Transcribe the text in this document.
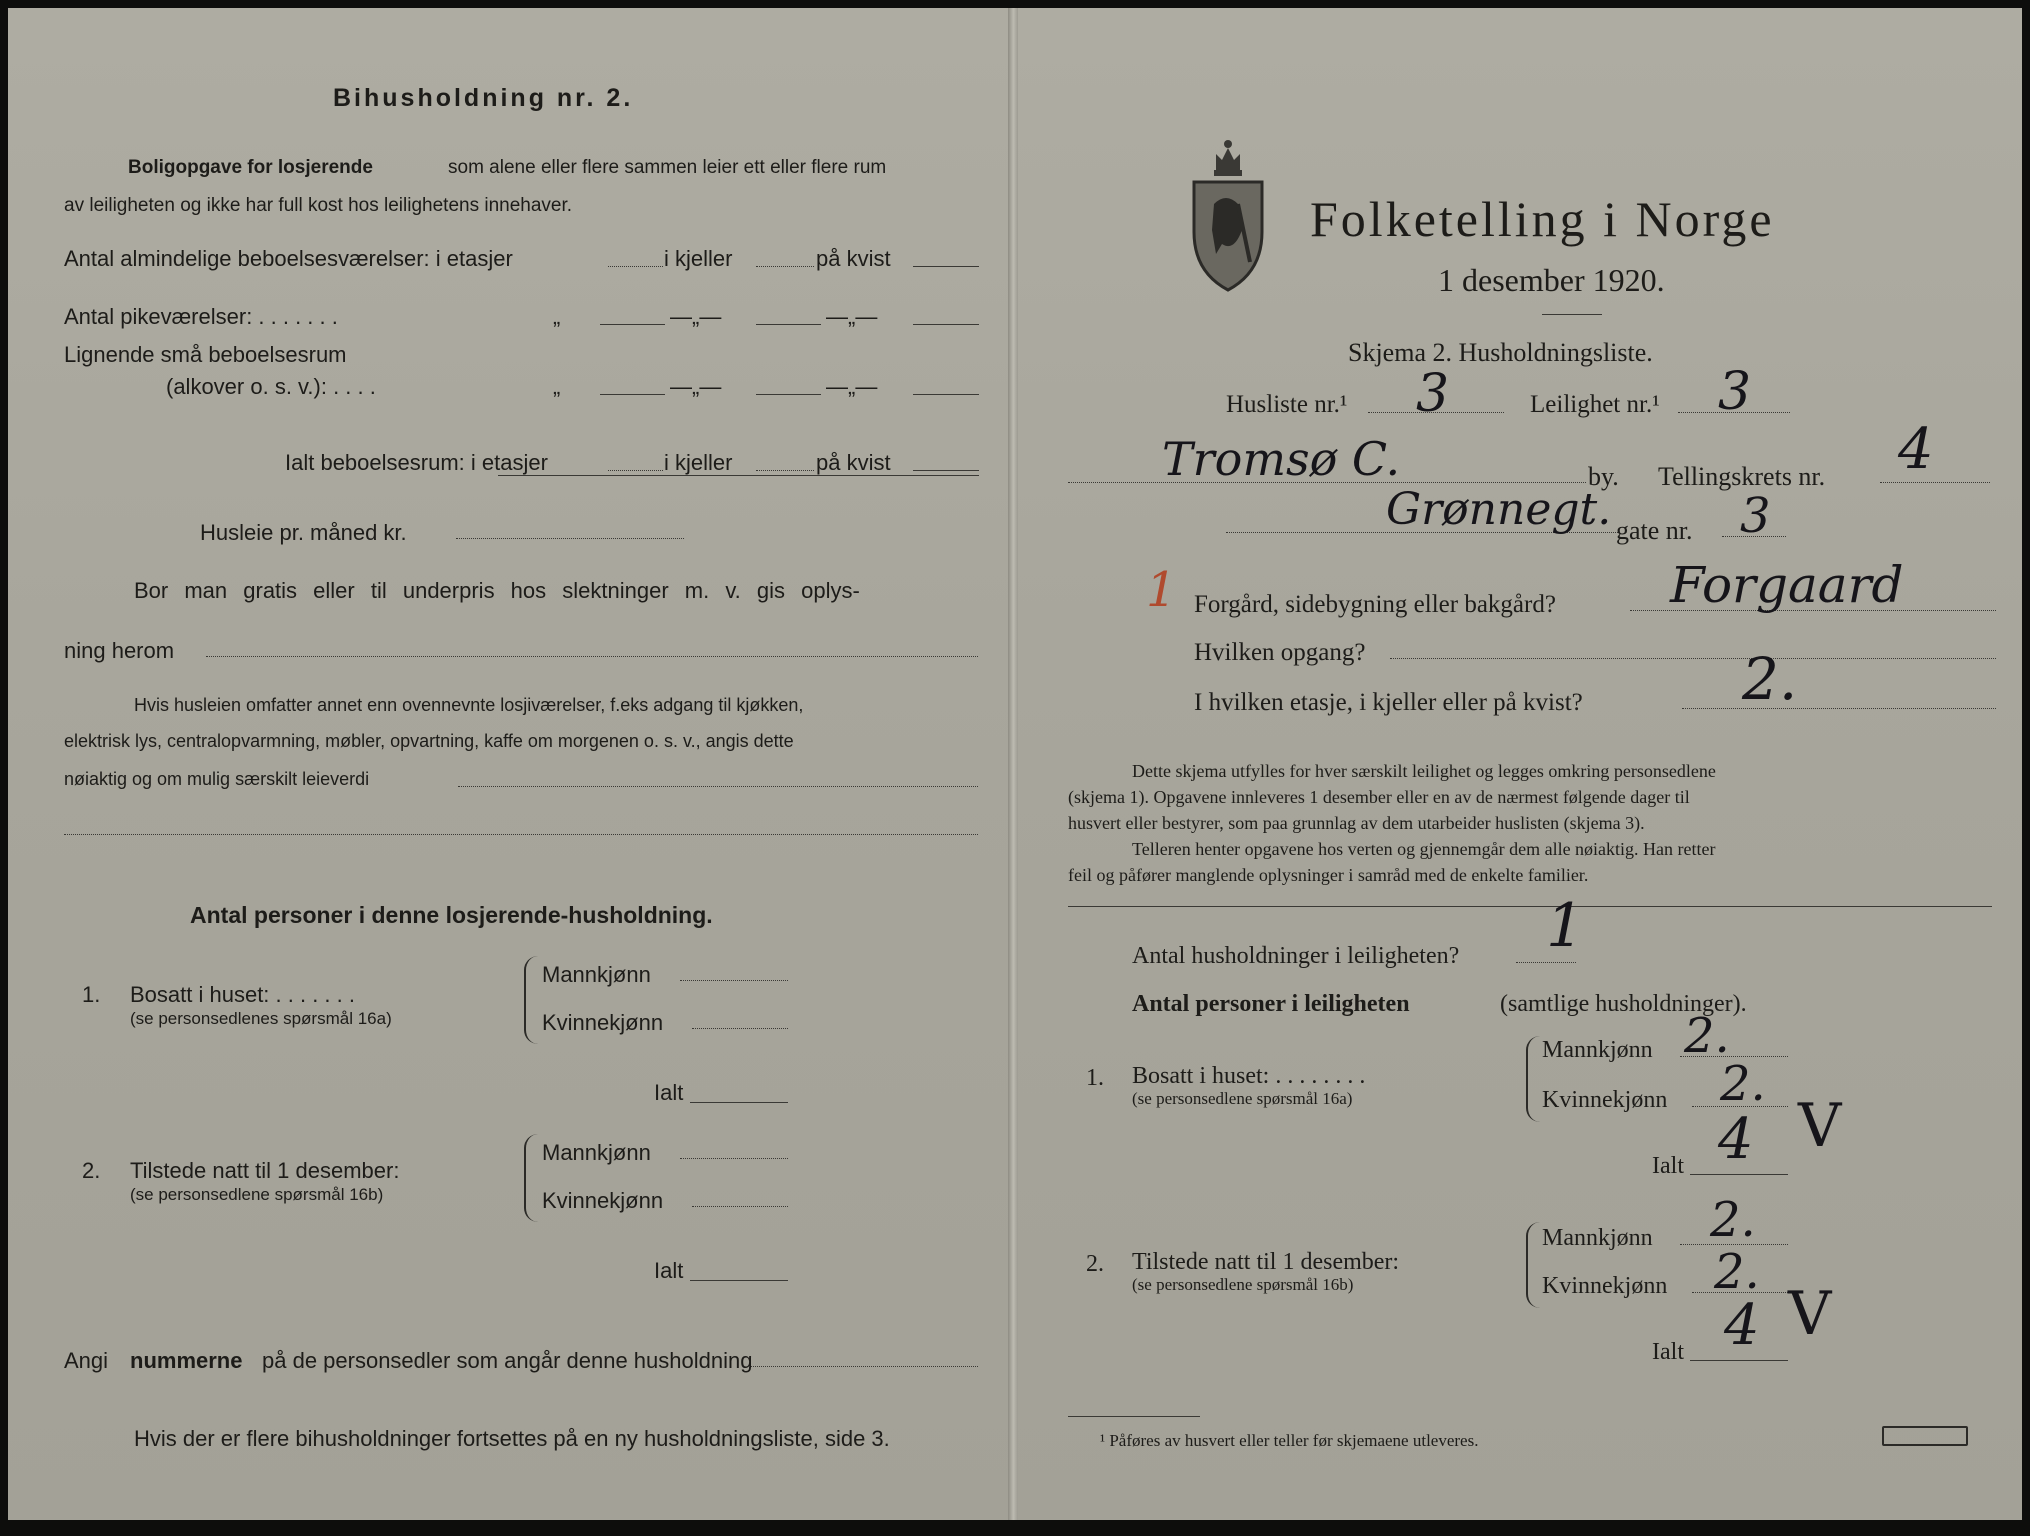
Bihusholdning nr. 2.
Boligopgave for losjerende	som alene eller flere sammen leier ett eller flere rum
av leiligheten og ikke har full kost hos leilighetens innehaver.
Antal almindelige beboelsesværelser: i etasjer	i kjeller	på kvist
Antal pikeværelser: . . . . . . .	„	—„—	—„—
Lignende små beboelsesrum
(alkover o. s. v.): . . . .	„	—„—	—„—
Ialt beboelsesrum: i etasjer	i kjeller	på kvist
Husleie pr. måned kr.
Bor man gratis eller til underpris hos slektninger m. v. gis oplys-
ning herom
Hvis husleien omfatter annet enn ovennevnte losjiværelser, f.eks adgang til kjøkken,
elektrisk lys, centralopvarmning, møbler, opvartning, kaffe om morgenen o. s. v., angis dette
nøiaktig og om mulig særskilt leieverdi
Antal personer i denne losjerende-husholdning.
1. Bosatt i huset: . . . . . . .
(se personsedlenes spørsmål 16a)
Mannkjønn
Kvinnekjønn
Ialt
2. Tilstede natt til 1 desember:
(se personsedlene spørsmål 16b)
Mannkjønn
Kvinnekjønn
Ialt
Angi nummerne på de personsedler som angår denne husholdning
Hvis der er flere bihusholdninger fortsettes på en ny husholdningsliste, side 3.
Folketelling i Norge
1 desember 1920.
Skjema 2. Husholdningsliste.
Husliste nr.¹ 3	Leilighet nr.¹ 3
Tromsø C.	by. Tellingskrets nr. 4
Grønnegt. gate nr. 3
1 Forgård, sidebygning eller bakgård? Forgaard
Hvilken opgang?
I hvilken etasje, i kjeller eller på kvist?	2.
Dette skjema utfylles for hver særskilt leilighet og legges omkring personsedlene
(skjema 1). Opgavene innleveres 1 desember eller en av de nærmest følgende dager til
husvert eller bestyrer, som paa grunnlag av dem utarbeider huslisten (skjema 3).
Telleren henter opgavene hos verten og gjennemgår dem alle nøiaktig. Han retter
feil og påfører manglende oplysninger i samråd med de enkelte familier.
Antal husholdninger i leiligheten? 1
Antal personer i leiligheten	(samtlige husholdninger).
1. Bosatt i huset: . . . . . . . .
(se personsedlene spørsmål 16a)
Mannkjønn 2.
Kvinnekjønn 2.
Ialt 4 V
2. Tilstede natt til 1 desember:
(se personsedlene spørsmål 16b)
Mannkjønn 2.
Kvinnekjønn 2.
Ialt 4 V
¹ Påføres av husvert eller teller før skjemaene utleveres.
